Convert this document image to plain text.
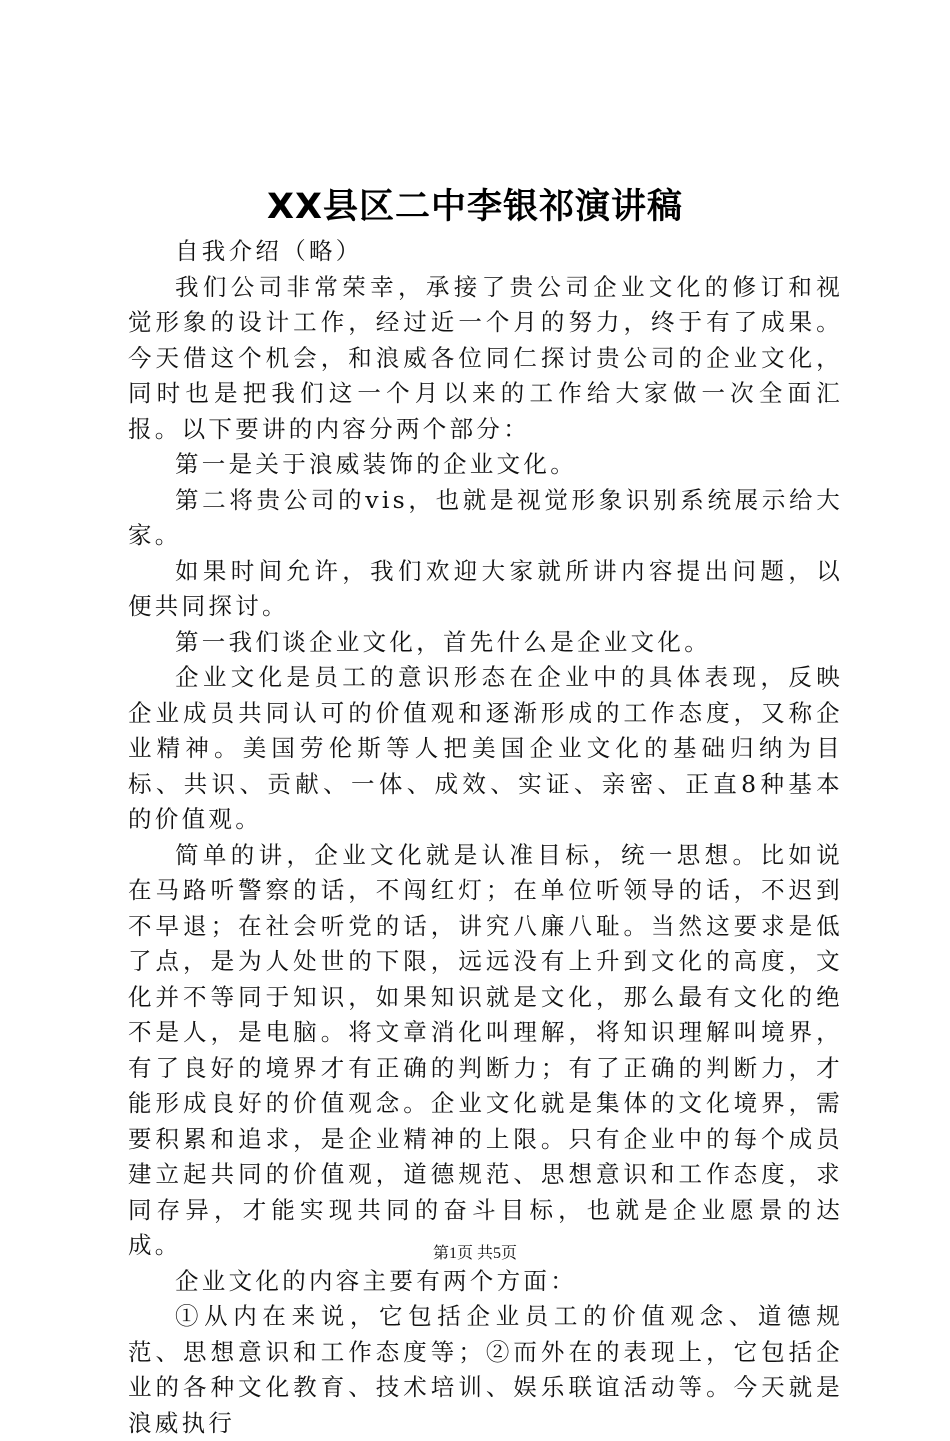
XX县区二中李银祁演讲稿

自我介绍（略）

我们公司非常荣幸，承接了贵公司企业文化的修订和视觉形象的设计工作，经过近一个月的努力，终于有了成果。今天借这个机会，和浪威各位同仁探讨贵公司的企业文化，同时也是把我们这一个月以来的工作给大家做一次全面汇报。以下要讲的内容分两个部分：

第一是关于浪威装饰的企业文化。

第二将贵公司的vis，也就是视觉形象识别系统展示给大家。

如果时间允许，我们欢迎大家就所讲内容提出问题，以便共同探讨。

第一我们谈企业文化，首先什么是企业文化。

企业文化是员工的意识形态在企业中的具体表现，反映企业成员共同认可的价值观和逐渐形成的工作态度，又称企业精神。美国劳伦斯等人把美国企业文化的基础归纳为目标、共识、贡献、一体、成效、实证、亲密、正直8种基本的价值观。

简单的讲，企业文化就是认准目标，统一思想。比如说在马路听警察的话，不闯红灯；在单位听领导的话，不迟到不早退；在社会听党的话，讲究八廉八耻。当然这要求是低了点，是为人处世的下限，远远没有上升到文化的高度，文化并不等同于知识，如果知识就是文化，那么最有文化的绝不是人，是电脑。将文章消化叫理解，将知识理解叫境界，有了良好的境界才有正确的判断力；有了正确的判断力，才能形成良好的价值观念。企业文化就是集体的文化境界，需要积累和追求，是企业精神的上限。只有企业中的每个成员建立起共同的价值观，道德规范、思想意识和工作态度，求同存异，才能实现共同的奋斗目标，也就是企业愿景的达成。

企业文化的内容主要有两个方面：

①从内在来说，它包括企业员工的价值观念、道德规范、思想意识和工作态度等；②而外在的表现上，它包括企业的各种文化教育、技术培训、娱乐联谊活动等。今天就是浪威执行

第1页 共5页
